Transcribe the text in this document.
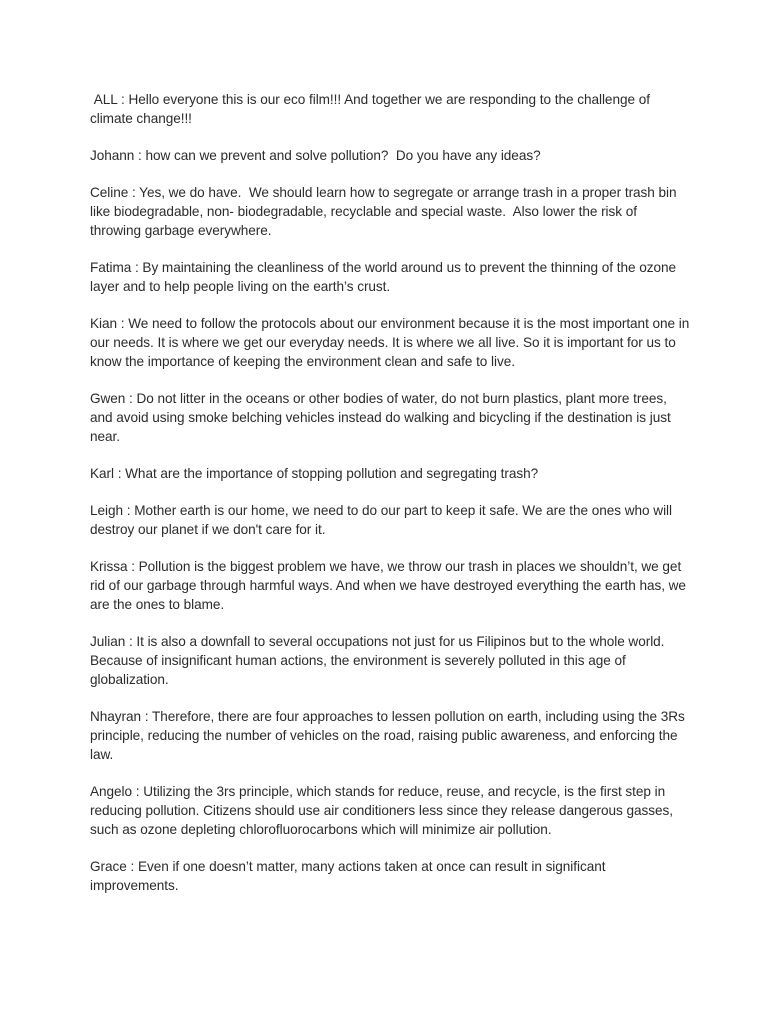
ALL : Hello everyone this is our eco film!!! And together we are responding to the challenge of climate change!!!

Johann : how can we prevent and solve pollution?  Do you have any ideas?

Celine : Yes, we do have.  We should learn how to segregate or arrange trash in a proper trash bin like biodegradable, non- biodegradable, recyclable and special waste.  Also lower the risk of throwing garbage everywhere.

Fatima : By maintaining the cleanliness of the world around us to prevent the thinning of the ozone layer and to help people living on the earth’s crust.

Kian : We need to follow the protocols about our environment because it is the most important one in our needs. It is where we get our everyday needs. It is where we all live. So it is important for us to know the importance of keeping the environment clean and safe to live.

Gwen : Do not litter in the oceans or other bodies of water, do not burn plastics, plant more trees, and avoid using smoke belching vehicles instead do walking and bicycling if the destination is just near.

Karl : What are the importance of stopping pollution and segregating trash?

Leigh : Mother earth is our home, we need to do our part to keep it safe. We are the ones who will destroy our planet if we don't care for it.

Krissa : Pollution is the biggest problem we have, we throw our trash in places we shouldn’t, we get rid of our garbage through harmful ways. And when we have destroyed everything the earth has, we are the ones to blame.

Julian : It is also a downfall to several occupations not just for us Filipinos but to the whole world. Because of insignificant human actions, the environment is severely polluted in this age of globalization.

Nhayran : Therefore, there are four approaches to lessen pollution on earth, including using the 3Rs principle, reducing the number of vehicles on the road, raising public awareness, and enforcing the law.

Angelo : Utilizing the 3rs principle, which stands for reduce, reuse, and recycle, is the first step in reducing pollution. Citizens should use air conditioners less since they release dangerous gasses, such as ozone depleting chlorofluorocarbons which will minimize air pollution.

Grace : Even if one doesn’t matter, many actions taken at once can result in significant improvements.
